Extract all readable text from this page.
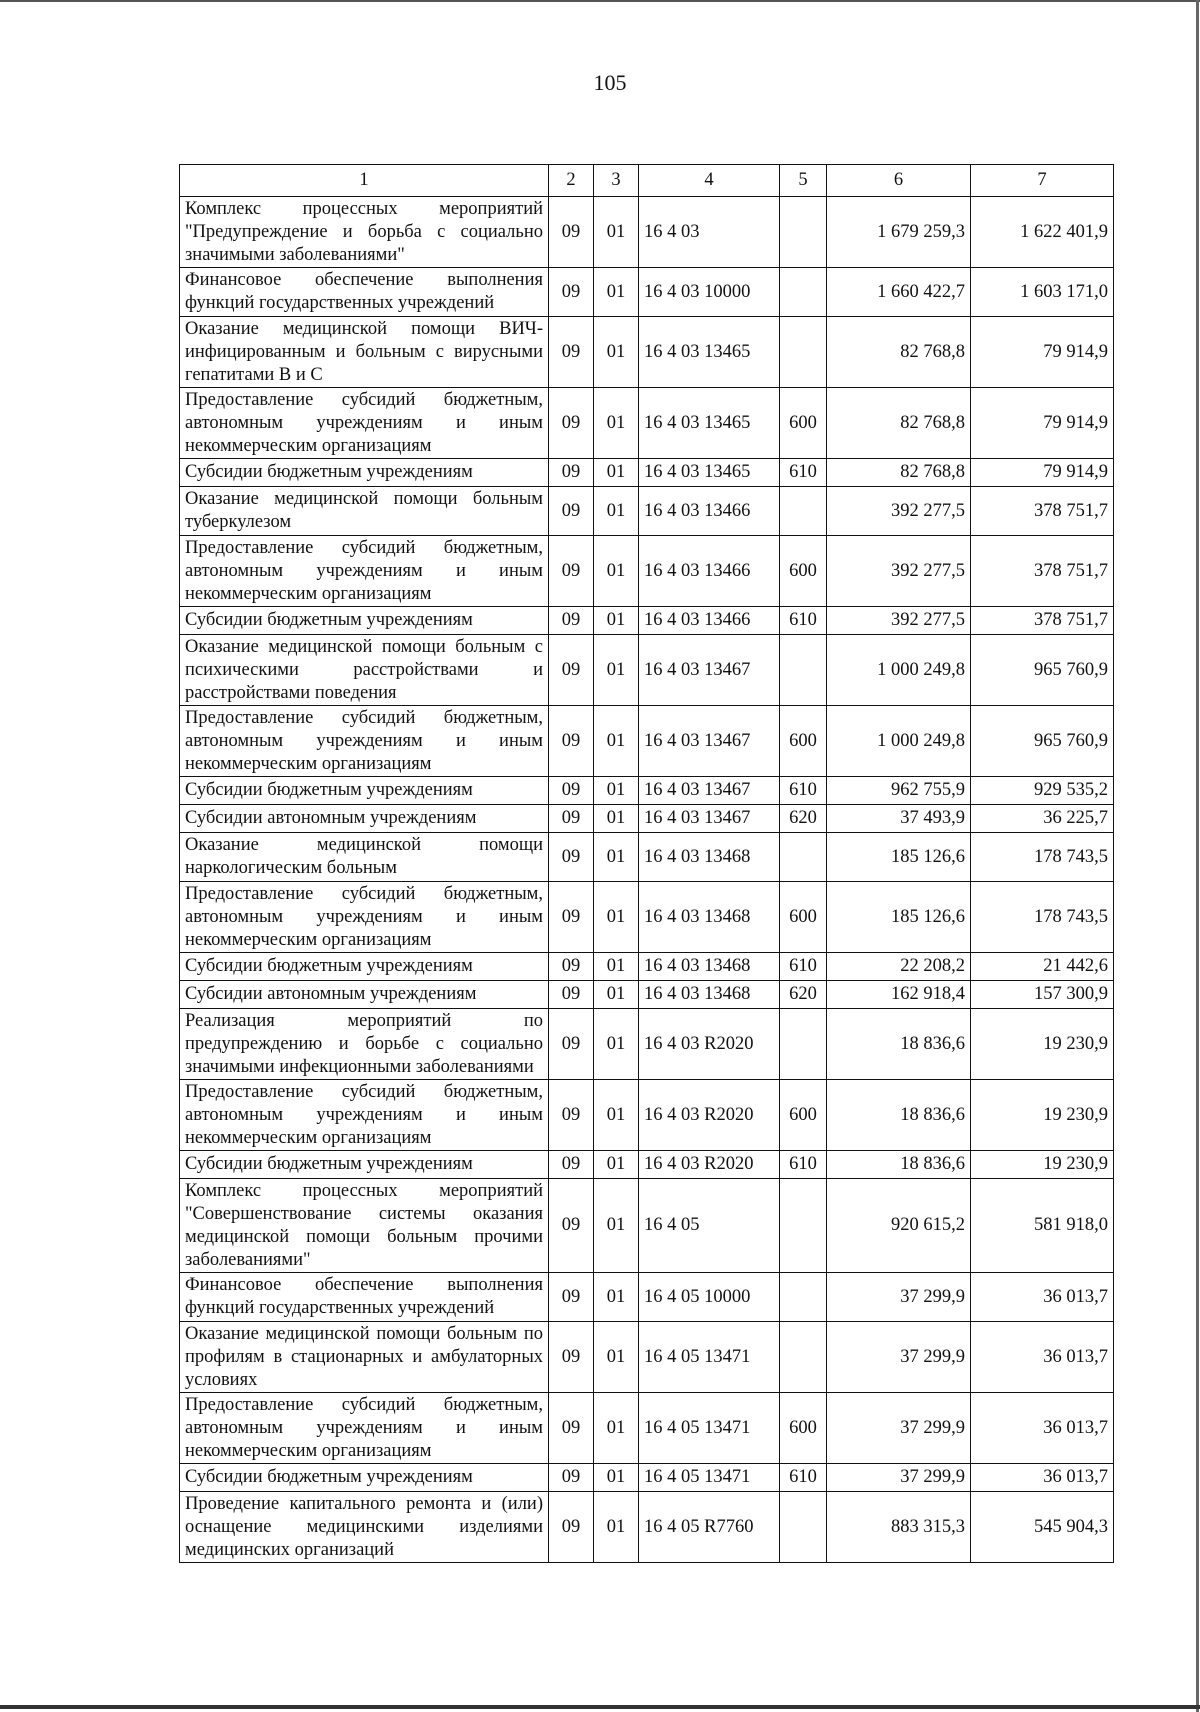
105
1	2	3	4	5	6	7
Комплекс процессных мероприятий "Предупреждение и борьба с социально значимыми заболеваниями"	09	01	16 4 03		1 679 259,3	1 622 401,9
Финансовое обеспечение выполнения функций государственных учреждений	09	01	16 4 03 10000		1 660 422,7	1 603 171,0
Оказание медицинской помощи ВИЧ-инфицированным и больным с вирусными гепатитами В и С	09	01	16 4 03 13465		82 768,8	79 914,9
Предоставление субсидий бюджетным, автономным учреждениям и иным некоммерческим организациям	09	01	16 4 03 13465	600	82 768,8	79 914,9
Субсидии бюджетным учреждениям	09	01	16 4 03 13465	610	82 768,8	79 914,9
Оказание медицинской помощи больным туберкулезом	09	01	16 4 03 13466		392 277,5	378 751,7
Предоставление субсидий бюджетным, автономным учреждениям и иным некоммерческим организациям	09	01	16 4 03 13466	600	392 277,5	378 751,7
Субсидии бюджетным учреждениям	09	01	16 4 03 13466	610	392 277,5	378 751,7
Оказание медицинской помощи больным с психическими расстройствами и расстройствами поведения	09	01	16 4 03 13467		1 000 249,8	965 760,9
Предоставление субсидий бюджетным, автономным учреждениям и иным некоммерческим организациям	09	01	16 4 03 13467	600	1 000 249,8	965 760,9
Субсидии бюджетным учреждениям	09	01	16 4 03 13467	610	962 755,9	929 535,2
Субсидии автономным учреждениям	09	01	16 4 03 13467	620	37 493,9	36 225,7
Оказание медицинской помощи наркологическим больным	09	01	16 4 03 13468		185 126,6	178 743,5
Предоставление субсидий бюджетным, автономным учреждениям и иным некоммерческим организациям	09	01	16 4 03 13468	600	185 126,6	178 743,5
Субсидии бюджетным учреждениям	09	01	16 4 03 13468	610	22 208,2	21 442,6
Субсидии автономным учреждениям	09	01	16 4 03 13468	620	162 918,4	157 300,9
Реализация мероприятий по предупреждению и борьбе с социально значимыми инфекционными заболеваниями	09	01	16 4 03 R2020		18 836,6	19 230,9
Предоставление субсидий бюджетным, автономным учреждениям и иным некоммерческим организациям	09	01	16 4 03 R2020	600	18 836,6	19 230,9
Субсидии бюджетным учреждениям	09	01	16 4 03 R2020	610	18 836,6	19 230,9
Комплекс процессных мероприятий "Совершенствование системы оказания медицинской помощи больным прочими заболеваниями"	09	01	16 4 05		920 615,2	581 918,0
Финансовое обеспечение выполнения функций государственных учреждений	09	01	16 4 05 10000		37 299,9	36 013,7
Оказание медицинской помощи больным по профилям в стационарных и амбулаторных условиях	09	01	16 4 05 13471		37 299,9	36 013,7
Предоставление субсидий бюджетным, автономным учреждениям и иным некоммерческим организациям	09	01	16 4 05 13471	600	37 299,9	36 013,7
Субсидии бюджетным учреждениям	09	01	16 4 05 13471	610	37 299,9	36 013,7
Проведение капитального ремонта и (или) оснащение медицинскими изделиями медицинских организаций	09	01	16 4 05 R7760		883 315,3	545 904,3
